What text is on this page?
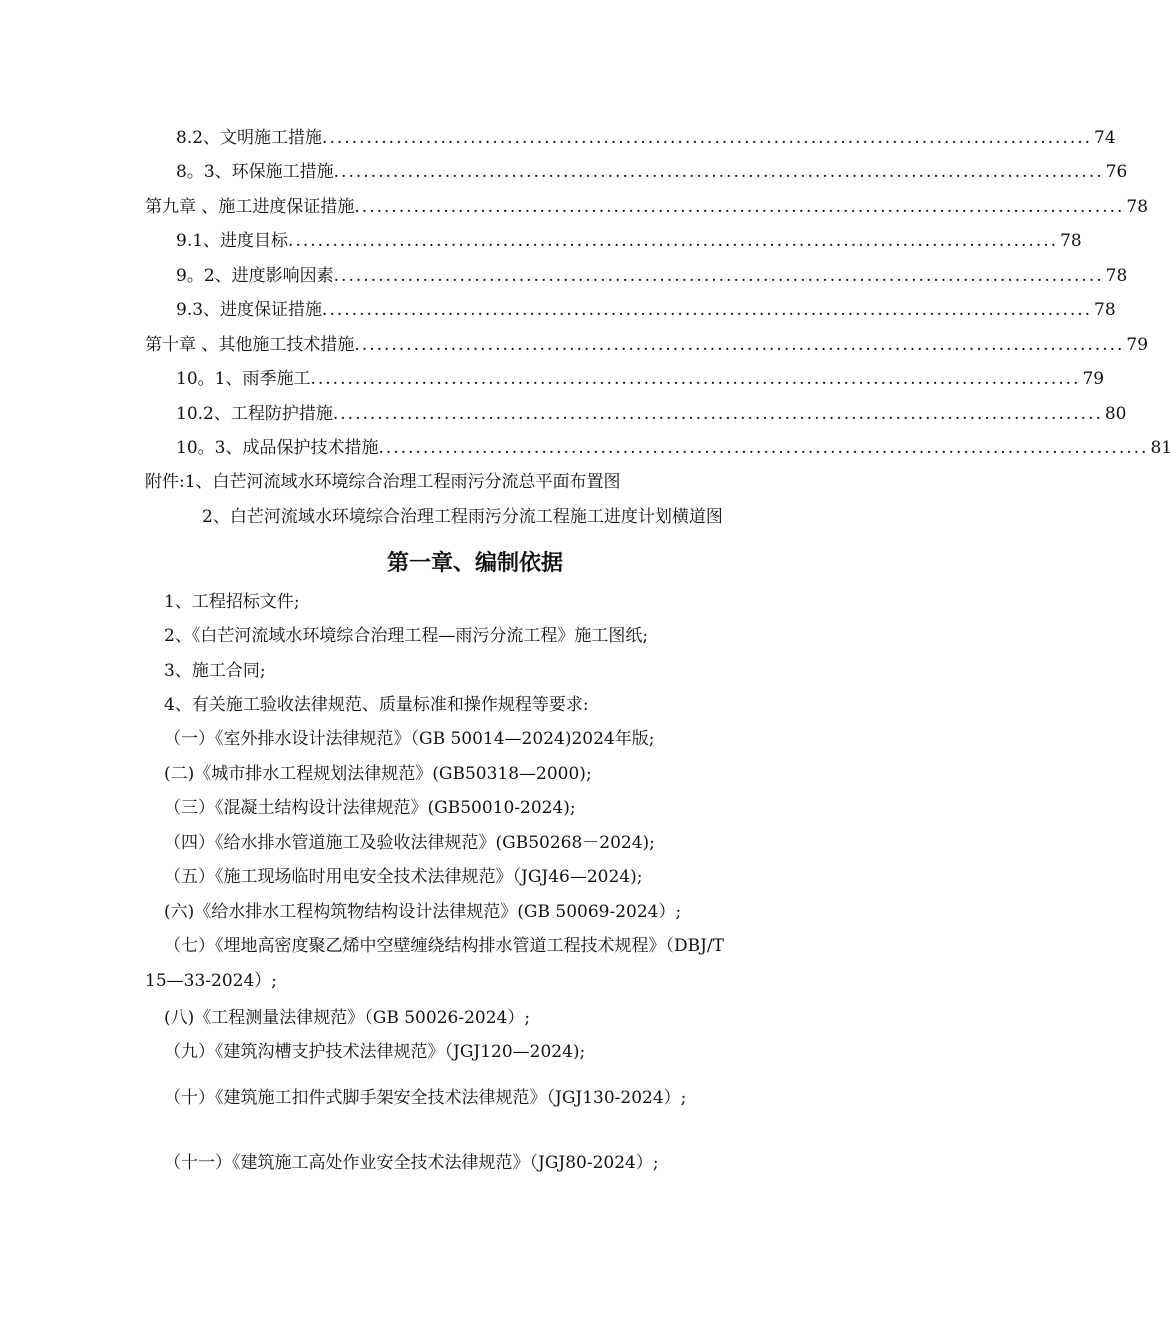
8.2、文明施工措施 ........................................................................................................ 74
8。3、环保施工措施 ........................................................................................................ 76
第九章 、施工进度保证措施 ........................................................................................................ 78
9.1、进度目标 ........................................................................................................ 78
9。2、进度影响因素 ........................................................................................................ 78
9.3、进度保证措施 ........................................................................................................ 78
第十章 、其他施工技术措施 ........................................................................................................ 79
10。1、雨季施工 ........................................................................................................ 79
10.2、工程防护措施 ........................................................................................................ 80
10。3、成品保护技术措施 ........................................................................................................ 81
附件:1、白芒河流域水环境综合治理工程雨污分流总平面布置图
2、白芒河流域水环境综合治理工程雨污分流工程施工进度计划横道图
第一章、编制依据
1、工程招标文件;
2、《白芒河流域水环境综合治理工程—雨污分流工程》施工图纸;
3、施工合同;
4、有关施工验收法律规范、质量标准和操作规程等要求:
（一）《室外排水设计法律规范》（GB 50014—2024)2024年版;
(二)《城市排水工程规划法律规范》(GB50318—2000);
（三）《混凝土结构设计法律规范》(GB50010-2024);
（四）《给水排水管道施工及验收法律规范》(GB50268－2024);
（五）《施工现场临时用电安全技术法律规范》（JGJ46—2024);
(六)《给水排水工程构筑物结构设计法律规范》(GB 50069-2024）;
（七）《埋地高密度聚乙烯中空壁缠绕结构排水管道工程技术规程》（DBJ/T
15—33-2024）;
(八)《工程测量法律规范》（GB 50026-2024）;
（九）《建筑沟槽支护技术法律规范》（JGJ120—2024);
（十）《建筑施工扣件式脚手架安全技术法律规范》（JGJ130-2024）;
（十一）《建筑施工高处作业安全技术法律规范》（JGJ80-2024）;
